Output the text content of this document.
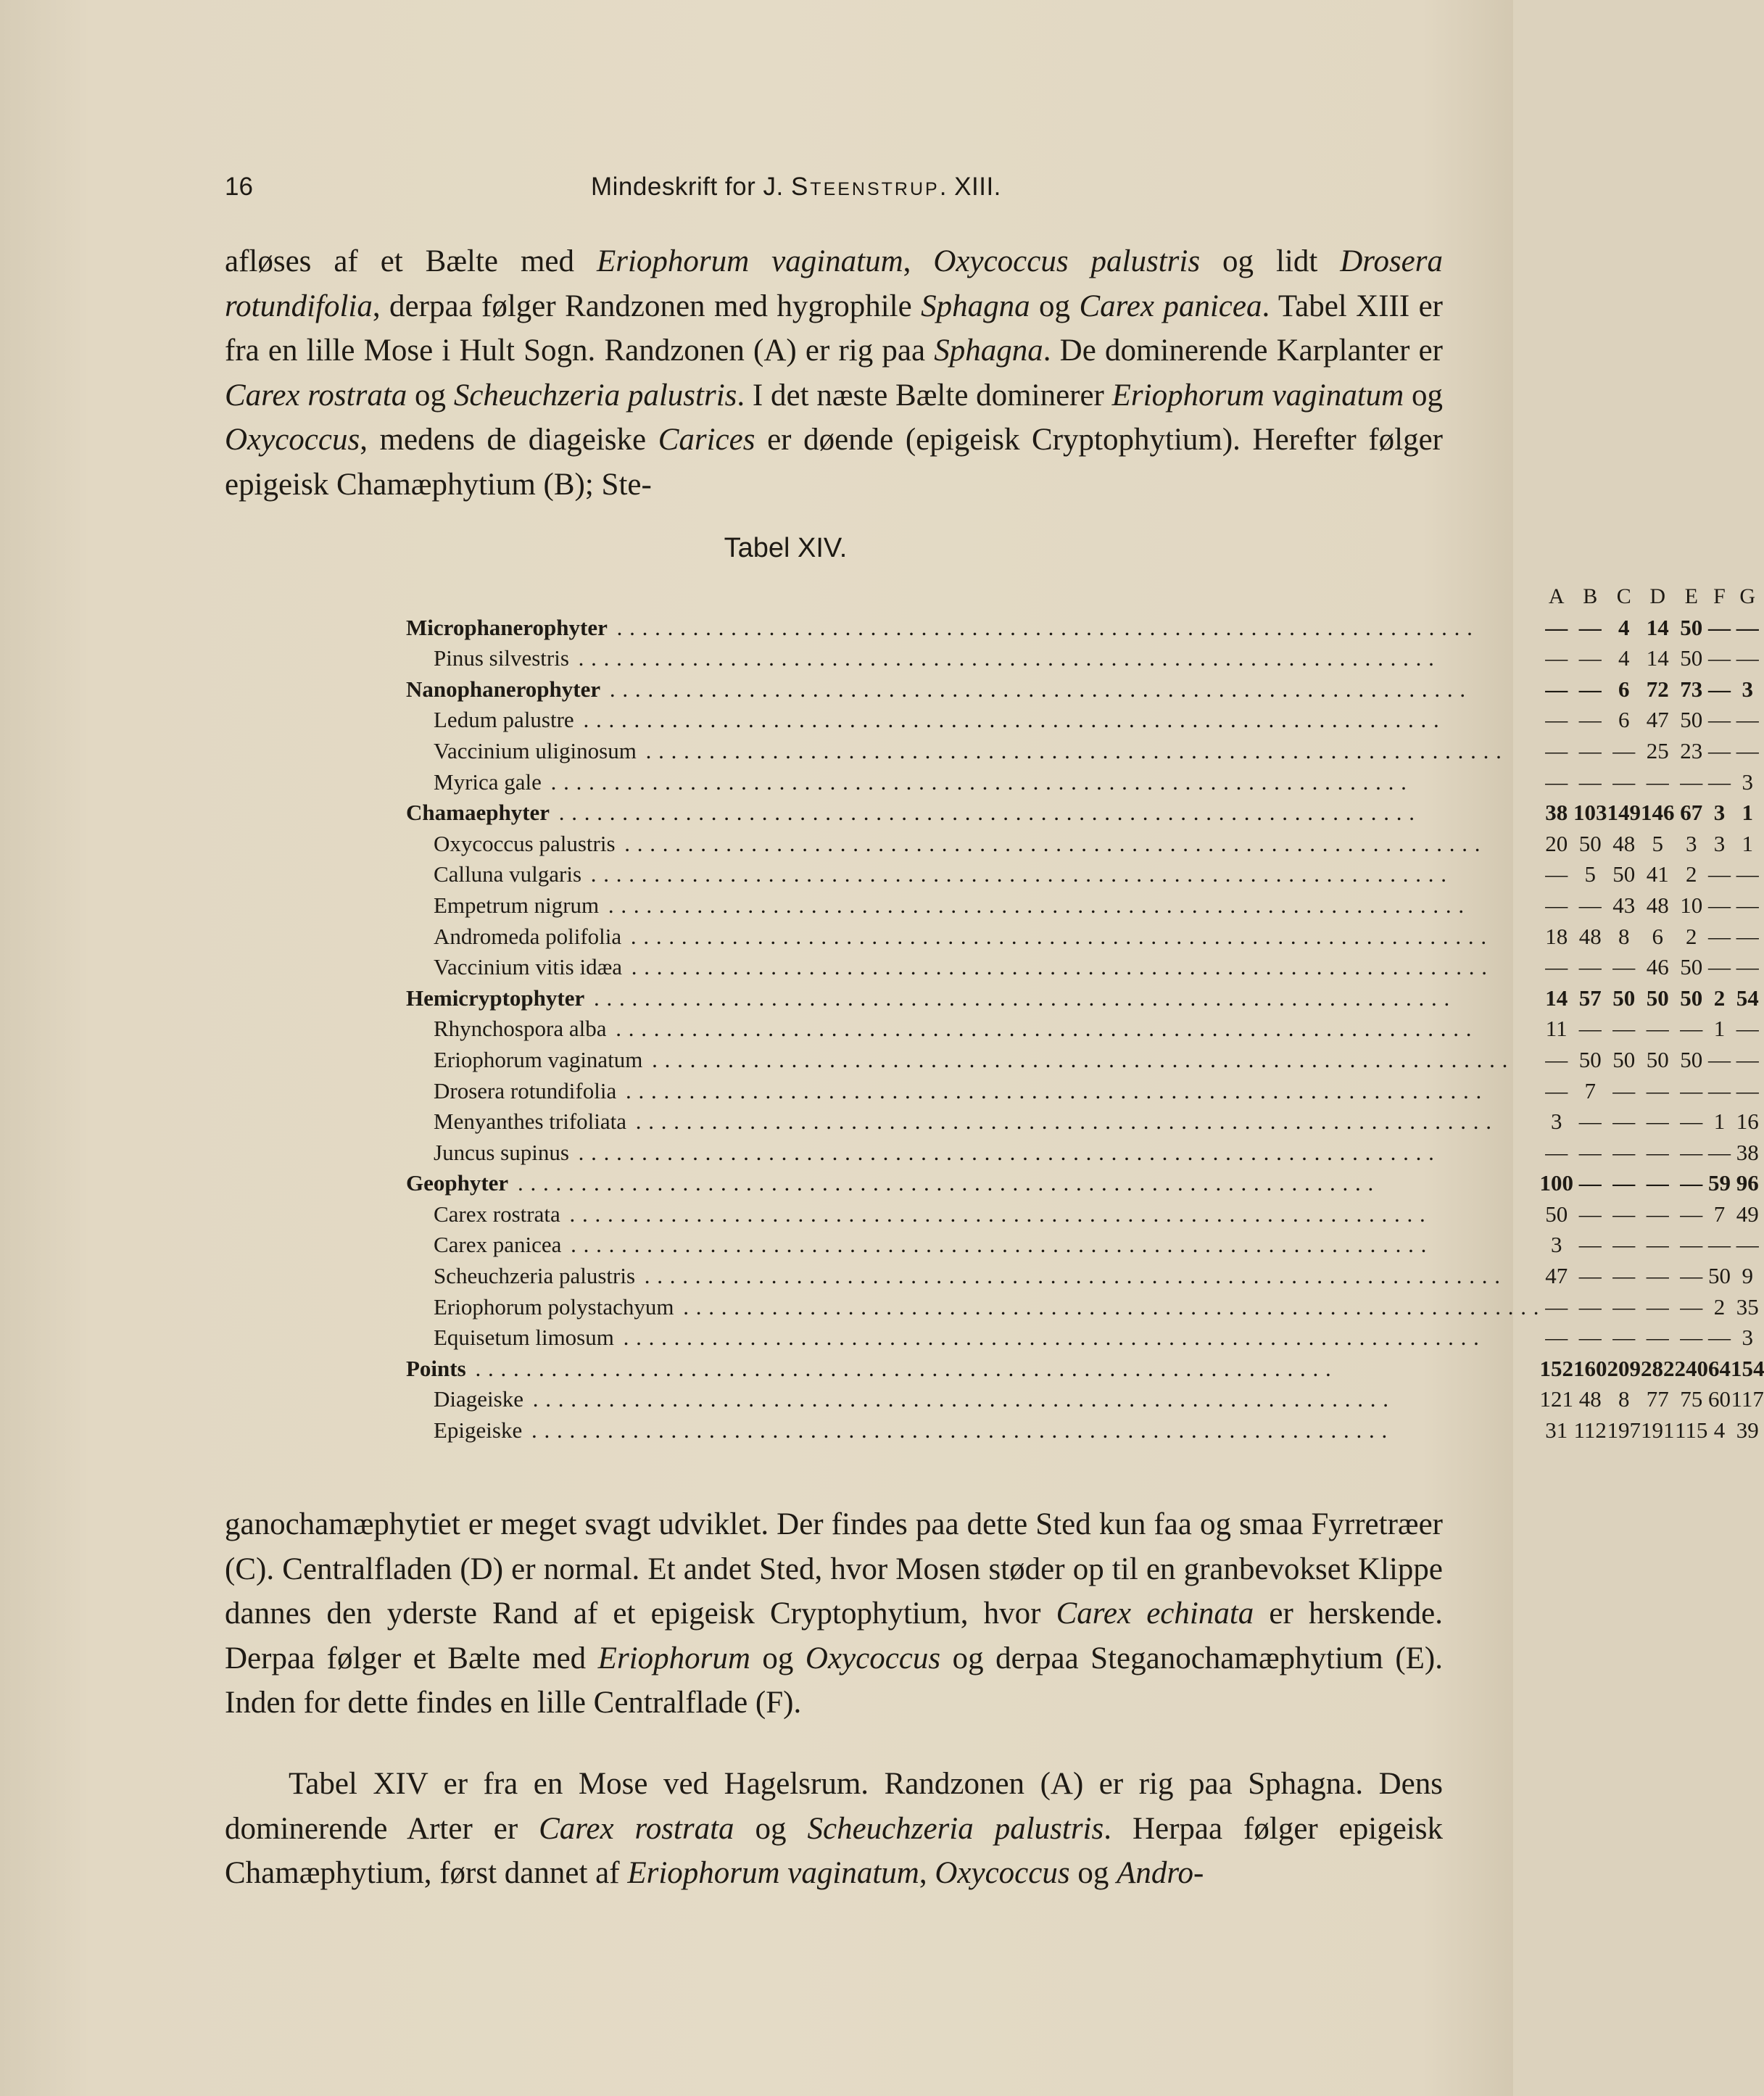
16	Mindeskrift for J. Steenstrup. XIII.

afløses af et Bælte med Eriophorum vaginatum, Oxycoccus palustris og lidt Drosera rotundifolia, derpaa følger Randzonen med hygrophile Sphagna og Carex panicea. Tabel XIII er fra en lille Mose i Hult Sogn. Randzonen (A) er rig paa Sphagna. De dominerende Karplanter er Carex rostrata og Scheuchzeria palustris. I det næste Bælte dominerer Eriophorum vaginatum og Oxycoccus, medens de diageiske Carices er døende (epigeisk Cryptophytium). Herefter følger epigeisk Chamæphytium (B); Ste-

Tabel XIV.
	A	B	C	D	E	F	G
Microphanerophyter . . .	—	—	4	14	50	—	—
Pinus silvestris . . .	—	—	4	14	50	—	—
Nanophanerophyter . . .	—	—	6	72	73	—	3
Ledum palustre . . .	—	—	6	47	50	—	—
Vaccinium uliginosum . . .	—	—	—	25	23	—	—
Myrica gale . . .	—	—	—	—	—	—	3
Chamaephyter . . .	38	103	149	146	67	3	1
Oxycoccus palustris . . .	20	50	48	5	3	3	1
Calluna vulgaris . . .	—	5	50	41	2	—	—
Empetrum nigrum . . .	—	—	43	48	10	—	—
Andromeda polifolia . . .	18	48	8	6	2	—	—
Vaccinium vitis idæa . . .	—	—	—	46	50	—	—
Hemicryptophyter . . .	14	57	50	50	50	2	54
Rhynchospora alba . . .	11	—	—	—	—	1	—
Eriophorum vaginatum . . .	—	50	50	50	50	—	—
Drosera rotundifolia . . .	—	7	—	—	—	—	—
Menyanthes trifoliata . . .	3	—	—	—	—	1	16
Juncus supinus . . .	—	—	—	—	—	—	38
Geophyter . . .	100	—	—	—	—	59	96
Carex rostrata . . .	50	—	—	—	—	7	49
Carex panicea . . .	3	—	—	—	—	—	—
Scheuchzeria palustris . . .	47	—	—	—	—	50	9
Eriophorum polystachyum . . .	—	—	—	—	—	2	35
Equisetum limosum . . .	—	—	—	—	—	—	3
Points . . .	152	160	209	282	240	64	154
Diageiske . . .	121	48	8	77	75	60	117
Epigeiske . . .	31	112	197	191	115	4	39

ganochamæphytiet er meget svagt udviklet. Der findes paa dette Sted kun faa og smaa Fyrretræer (C). Centralfladen (D) er normal. Et andet Sted, hvor Mosen støder op til en granbevokset Klippe dannes den yderste Rand af et epigeisk Cryptophytium, hvor Carex echinata er herskende. Derpaa følger et Bælte med Eriophorum og Oxycoccus og derpaa Steganochamæphytium (E). Inden for dette findes en lille Centralflade (F).

Tabel XIV er fra en Mose ved Hagelsrum. Randzonen (A) er rig paa Sphagna. Dens dominerende Arter er Carex rostrata og Scheuchzeria palustris. Herpaa følger epigeisk Chamæphytium, først dannet af Eriophorum vaginatum, Oxycoccus og Andro-
